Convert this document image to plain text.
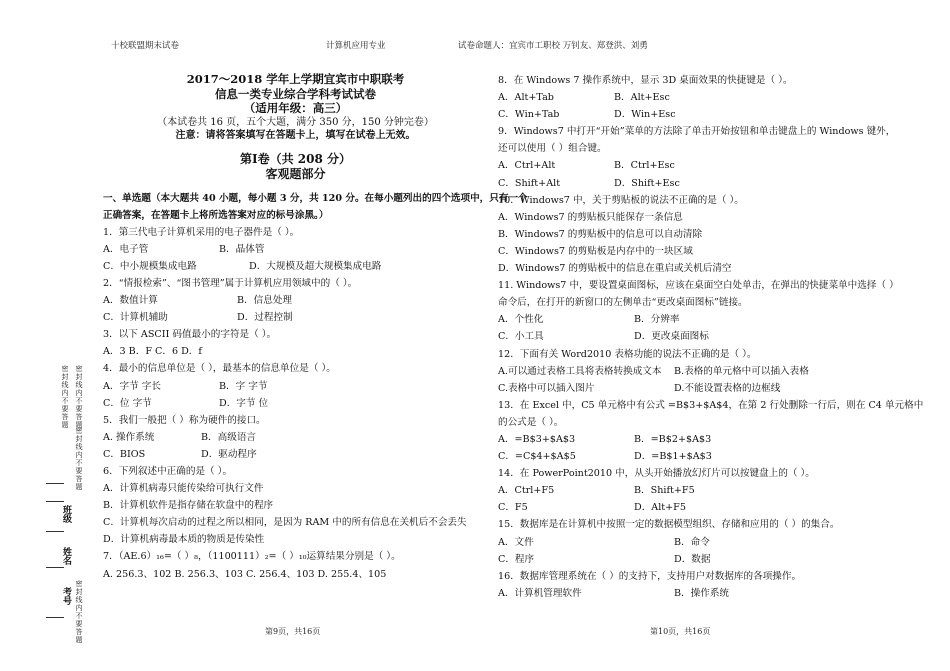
十校联盟期末试卷	计算机应用专业	试卷命题人：宜宾市工职校 万钊友、郑登洪、刘勇
密封线内不要答题 密封线内不要答题
密封线内不要答题
班级
姓名
考号 密封线内不要答题
2017～2018 学年上学期宜宾市中职联考
信息一类专业综合学科考试试卷
（适用年级：高三）
（本试卷共 16 页，五个大题，满分 350 分，150 分钟完卷）
注意：请将答案填写在答题卡上，填写在试卷上无效。
第Ⅰ卷（共 208 分）
客观题部分
一、单选题（本大题共 40 小题，每小题 3 分，共 120 分。在每小题列出的四个选项中，只有一个
正确答案，在答题卡上将所选答案对应的标号涂黑。）
1．第三代电子计算机采用的电子器件是（ ）。
A．电子管	B．晶体管
C．中小规模集成电路	D．大规模及超大规模集成电路
2．“情报检索”、“图书管理”属于计算机应用领域中的（ ）。
A．数值计算	B．信息处理
C．计算机辅助	D．过程控制
3．以下 ASCII 码值最小的字符是（ ）。
A．3 B．F C．6 D．f
4．最小的信息单位是（ ），最基本的信息单位是（ ）。
A．字节 字长	B．字 字节
C．位 字节	D．字节 位
5．我们一般把（ ）称为硬件的接口。
A. 操作系统	B．高级语言
C．BIOS	D．驱动程序
6．下列叙述中正确的是（ ）。
A．计算机病毒只能传染给可执行文件
B．计算机软件是指存储在软盘中的程序
C．计算机每次启动的过程之所以相同，是因为 RAM 中的所有信息在关机后不会丢失
D．计算机病毒最本质的物质是传染性
7．（AE.6）₁₆=（ ）₈，（1100111）₂=（ ）₁₀运算结果分别是（ ）。
A. 256.3、102 B. 256.3、103 C. 256.4、103 D. 255.4、105
8．在 Windows 7 操作系统中，显示 3D 桌面效果的快捷键是（ ）。
A．Alt+Tab	B．Alt+Esc
C．Win+Tab	D．Win+Esc
9．Windows7 中打开“开始”菜单的方法除了单击开始按钮和单击键盘上的 Windows 键外，
还可以使用（ ）组合键。
A．Ctrl+Alt	B．Ctrl+Esc
C．Shift+Alt	D．Shift+Esc
10．Windows7 中，关于剪贴板的说法不正确的是（ ）。
A．Windows7 的剪贴板只能保存一条信息
B．Windows7 的剪贴板中的信息可以自动清除
C．Windows7 的剪贴板是内存中的一块区域
D．Windows7 的剪贴板中的信息在重启或关机后清空
11. Windows7 中，要设置桌面图标，应该在桌面空白处单击，在弹出的快捷菜单中选择（ ）
命令后，在打开的新窗口的左侧单击“更改桌面图标”链接。
A．个性化	B．分辨率
C．小工具	D．更改桌面图标
12．下面有关 Word2010 表格功能的说法不正确的是（ ）。
A.可以通过表格工具将表格转换成文本 B.表格的单元格中可以插入表格
C.表格中可以插入图片	D.不能设置表格的边框线
13．在 Excel 中，C5 单元格中有公式 =B$3+$A$4，在第 2 行处删除一行后，则在 C4 单元格中
的公式是（ ）。
A．=B$3+$A$3	B．=B$2+$A$3
C．=C$4+$A$5	D．=B$1+$A$3
14．在 PowerPoint2010 中，从头开始播放幻灯片可以按键盘上的（ ）。
A．Ctrl+F5	B．Shift+F5
C．F5	D．Alt+F5
15．数据库是在计算机中按照一定的数据模型组织、存储和应用的（ ）的集合。
A．文件	B．命令
C．程序	D．数据
16．数据库管理系统在（ ）的支持下，支持用户对数据库的各项操作。
A．计算机管理软件	B．操作系统
第9页，共16页	第10页，共16页
